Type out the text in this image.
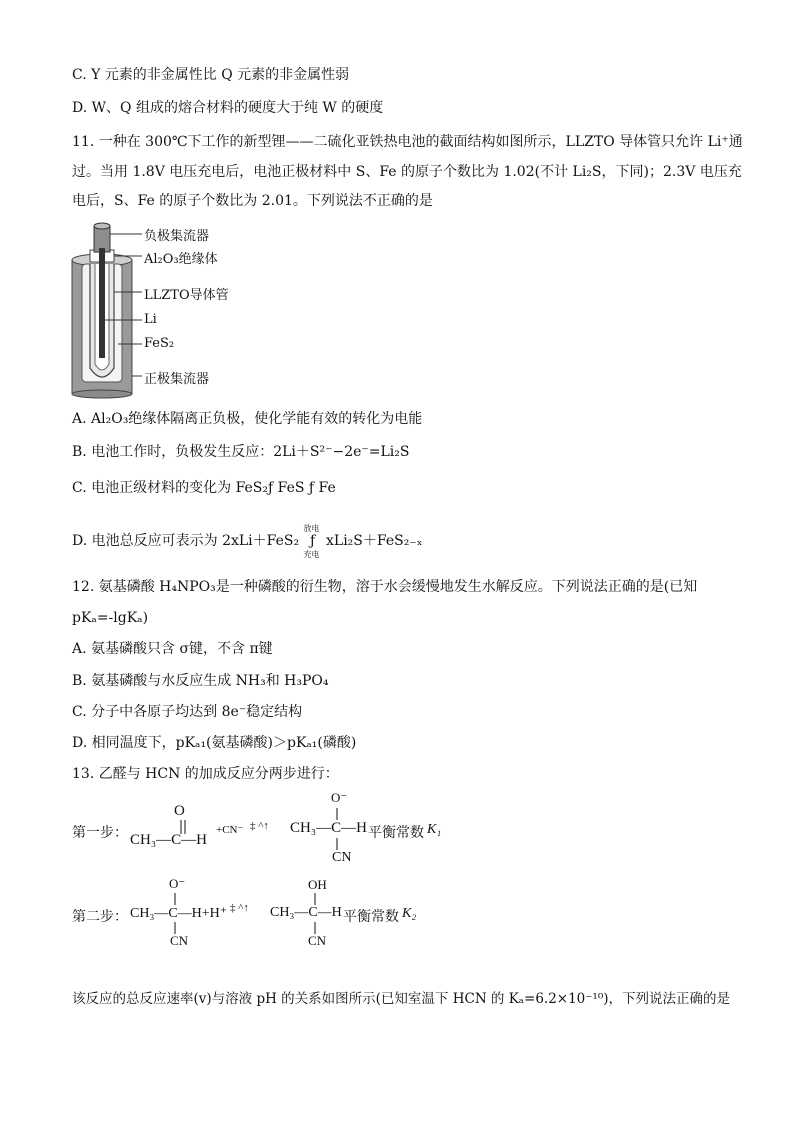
C. Y 元素的非金属性比 Q 元素的非金属性弱
D. W、Q 组成的熔合材料的硬度大于纯 W 的硬度
11. 一种在 300℃下工作的新型锂——二硫化亚铁热电池的截面结构如图所示，LLZTO 导体管只允许 Li⁺通
过。当用 1.8V 电压充电后，电池正极材料中 S、Fe 的原子个数比为 1.02(不计 Li₂S，下同)；2.3V 电压充
电后，S、Fe 的原子个数比为 2.01。下列说法不正确的是
负极集流器
Al₂O₃绝缘体
LLZTO导体管
Li
FeS₂
正极集流器
A. Al₂O₃绝缘体隔离正负极，使化学能有效的转化为电能
B. 电池工作时，负极发生反应：2Li＋S²⁻−2e⁻=Li₂S
C. 电池正级材料的变化为 FeS₂ƒ FeS ƒ Fe
D. 电池总反应可表示为 2xLi＋FeS₂
放电
ƒ
充电
xLi₂S＋FeS₂₋ₓ
12. 氨基磷酸 H₄NPO₃是一种磷酸的衍生物，溶于水会缓慢地发生水解反应。下列说法正确的是(已知
pKₐ=-lgKₐ)
A. 氨基磷酸只含 σ键，不含 π键
B. 氨基磷酸与水反应生成 NH₃和 H₃PO₄
C. 分子中各原子均达到 8e⁻稳定结构
D. 相同温度下，pKₐ₁(氨基磷酸)＞pKₐ₁(磷酸)
13. 乙醛与 HCN 的加成反应分两步进行：
第一步：
O
CH₃—C—H
+CN⁻ ‡ ^↑
O⁻
CH₃—C—H
CN
平衡常数 K₁
第二步：
O⁻
CH₃—C—H+H⁺
CN
‡ ^↑
OH
CH₃—C—H
CN
平衡常数 K₂
该反应的总反应速率(v)与溶液 pH 的关系如图所示(已知室温下 HCN 的 Kₐ=6.2×10⁻¹⁰)，下列说法正确的是
